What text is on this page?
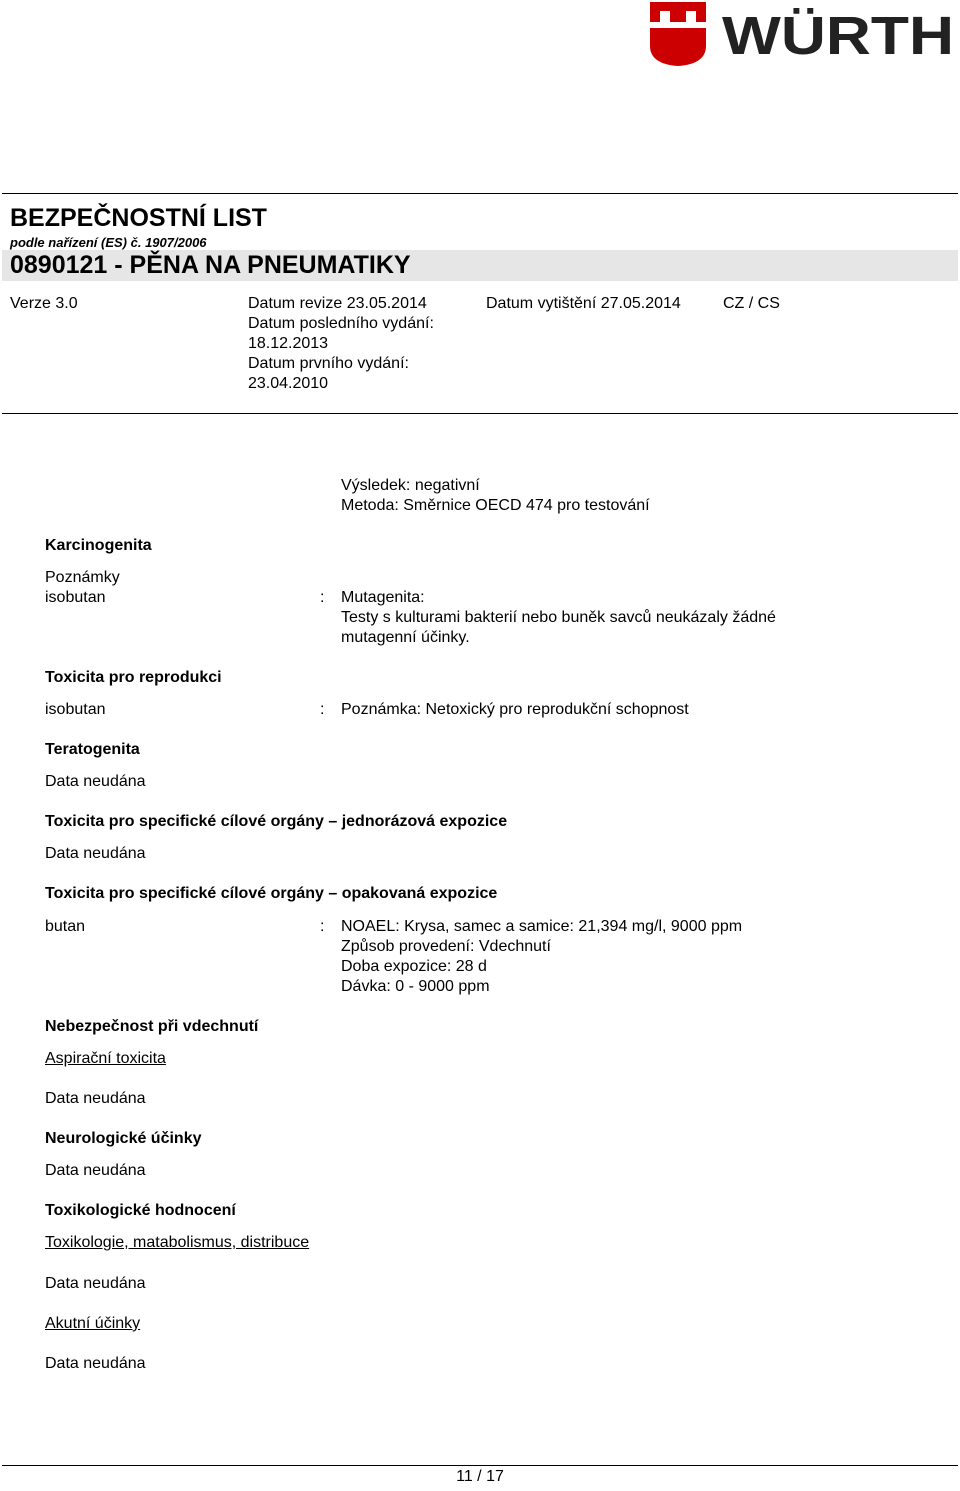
WÜRTH
BEZPEČNOSTNÍ LIST
podle nařízení (ES) č. 1907/2006
0890121 - PĚNA NA PNEUMATIKY
Verze 3.0	Datum revize 23.05.2014
Datum posledního vydání:
18.12.2013
Datum prvního vydání:
23.04.2010
Datum vytištění 27.05.2014	CZ / CS
Výsledek: negativní
Metoda: Směrnice OECD 474 pro testování
Karcinogenita
Poznámky
isobutan	: Mutagenita:
Testy s kulturami bakterií nebo buněk savců neukázaly žádné
mutagenní účinky.
Toxicita pro reprodukci
isobutan	: Poznámka: Netoxický pro reprodukční schopnost
Teratogenita
Data neudána
Toxicita pro specifické cílové orgány – jednorázová expozice
Data neudána
Toxicita pro specifické cílové orgány – opakovaná expozice
butan	: NOAEL: Krysa, samec a samice: 21,394 mg/l, 9000 ppm
Způsob provedení: Vdechnutí
Doba expozice: 28 d
Dávka: 0 - 9000 ppm
Nebezpečnost při vdechnutí
Aspirační toxicita
Data neudána
Neurologické účinky
Data neudána
Toxikologické hodnocení
Toxikologie, matabolismus, distribuce
Data neudána
Akutní účinky
Data neudána
11 / 17
